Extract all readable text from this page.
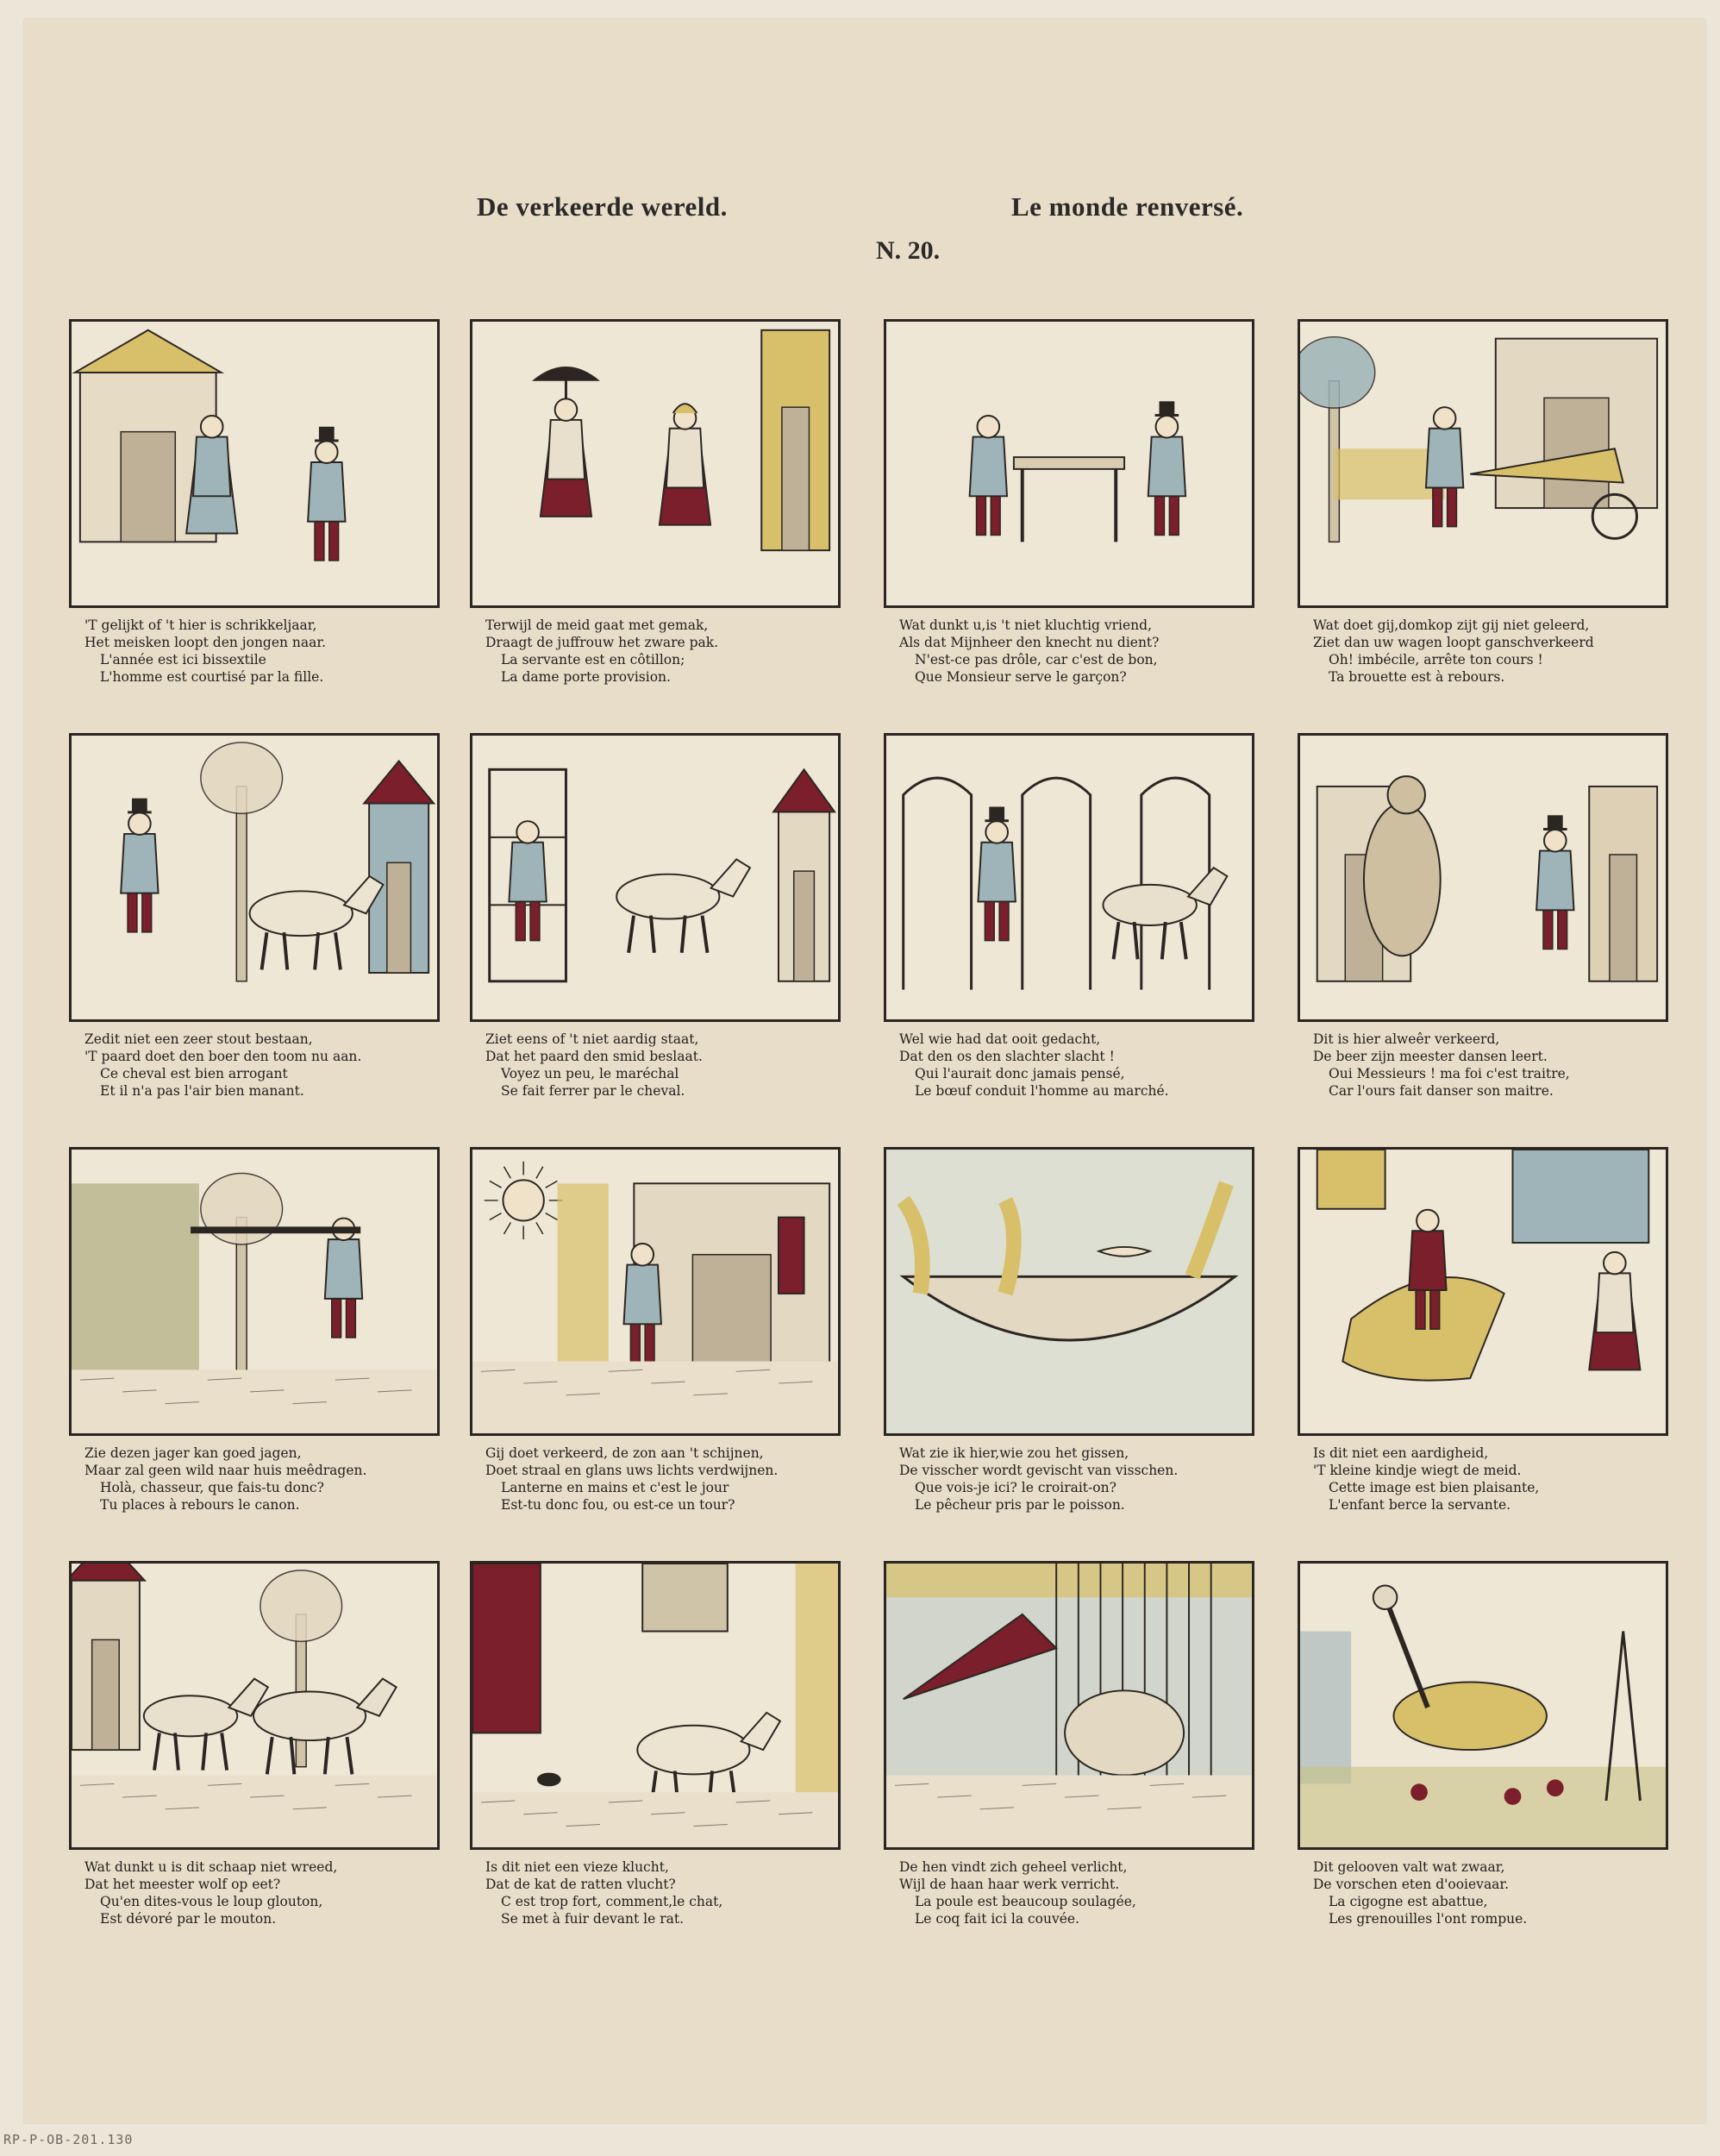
De verkeerde wereld.	Le monde renversé.
N. 20.
'T gelijkt of 't hier is schrikkeljaar,
Het meisken loopt den jongen naar.
L'année est ici bissextile
L'homme est courtisé par la fille.
Terwijl de meid gaat met gemak,
Draagt de juffrouw het zware pak.
La servante est en côtillon;
La dame porte provision.
Wat dunkt u,is 't niet kluchtig vriend,
Als dat Mijnheer den knecht nu dient?
N'est-ce pas drôle, car c'est de bon,
Que Monsieur serve le garçon?
Wat doet gij,domkop zijt gij niet geleerd,
Ziet dan uw wagen loopt ganschverkeerd
Oh! imbécile, arrête ton cours !
Ta brouette est à rebours.
Zedit niet een zeer stout bestaan,
'T paard doet den boer den toom nu aan.
Ce cheval est bien arrogant
Et il n'a pas l'air bien manant.
Ziet eens of 't niet aardig staat,
Dat het paard den smid beslaat.
Voyez un peu, le maréchal
Se fait ferrer par le cheval.
Wel wie had dat ooit gedacht,
Dat den os den slachter slacht !
Qui l'aurait donc jamais pensé,
Le bœuf conduit l'homme au marché.
Dit is hier alweêr verkeerd,
De beer zijn meester dansen leert.
Oui Messieurs ! ma foi c'est traitre,
Car l'ours fait danser son maitre.
Zie dezen jager kan goed jagen,
Maar zal geen wild naar huis meêdragen.
Holà, chasseur, que fais-tu donc?
Tu places à rebours le canon.
Gij doet verkeerd, de zon aan 't schijnen,
Doet straal en glans uws lichts verdwijnen.
Lanterne en mains et c'est le jour
Est-tu donc fou, ou est-ce un tour?
Wat zie ik hier,wie zou het gissen,
De visscher wordt gevischt van visschen.
Que vois-je ici? le croirait-on?
Le pêcheur pris par le poisson.
Is dit niet een aardigheid,
'T kleine kindje wiegt de meid.
Cette image est bien plaisante,
L'enfant berce la servante.
Wat dunkt u is dit schaap niet wreed,
Dat het meester wolf op eet?
Qu'en dites-vous le loup glouton,
Est dévoré par le mouton.
Is dit niet een vieze klucht,
Dat de kat de ratten vlucht?
C est trop fort, comment,le chat,
Se met à fuir devant le rat.
De hen vindt zich geheel verlicht,
Wijl de haan haar werk verricht.
La poule est beaucoup soulagée,
Le coq fait ici la couvée.
Dit gelooven valt wat zwaar,
De vorschen eten d'ooievaar.
La cigogne est abattue,
Les grenouilles l'ont rompue.
RP-P-OB-201.130
